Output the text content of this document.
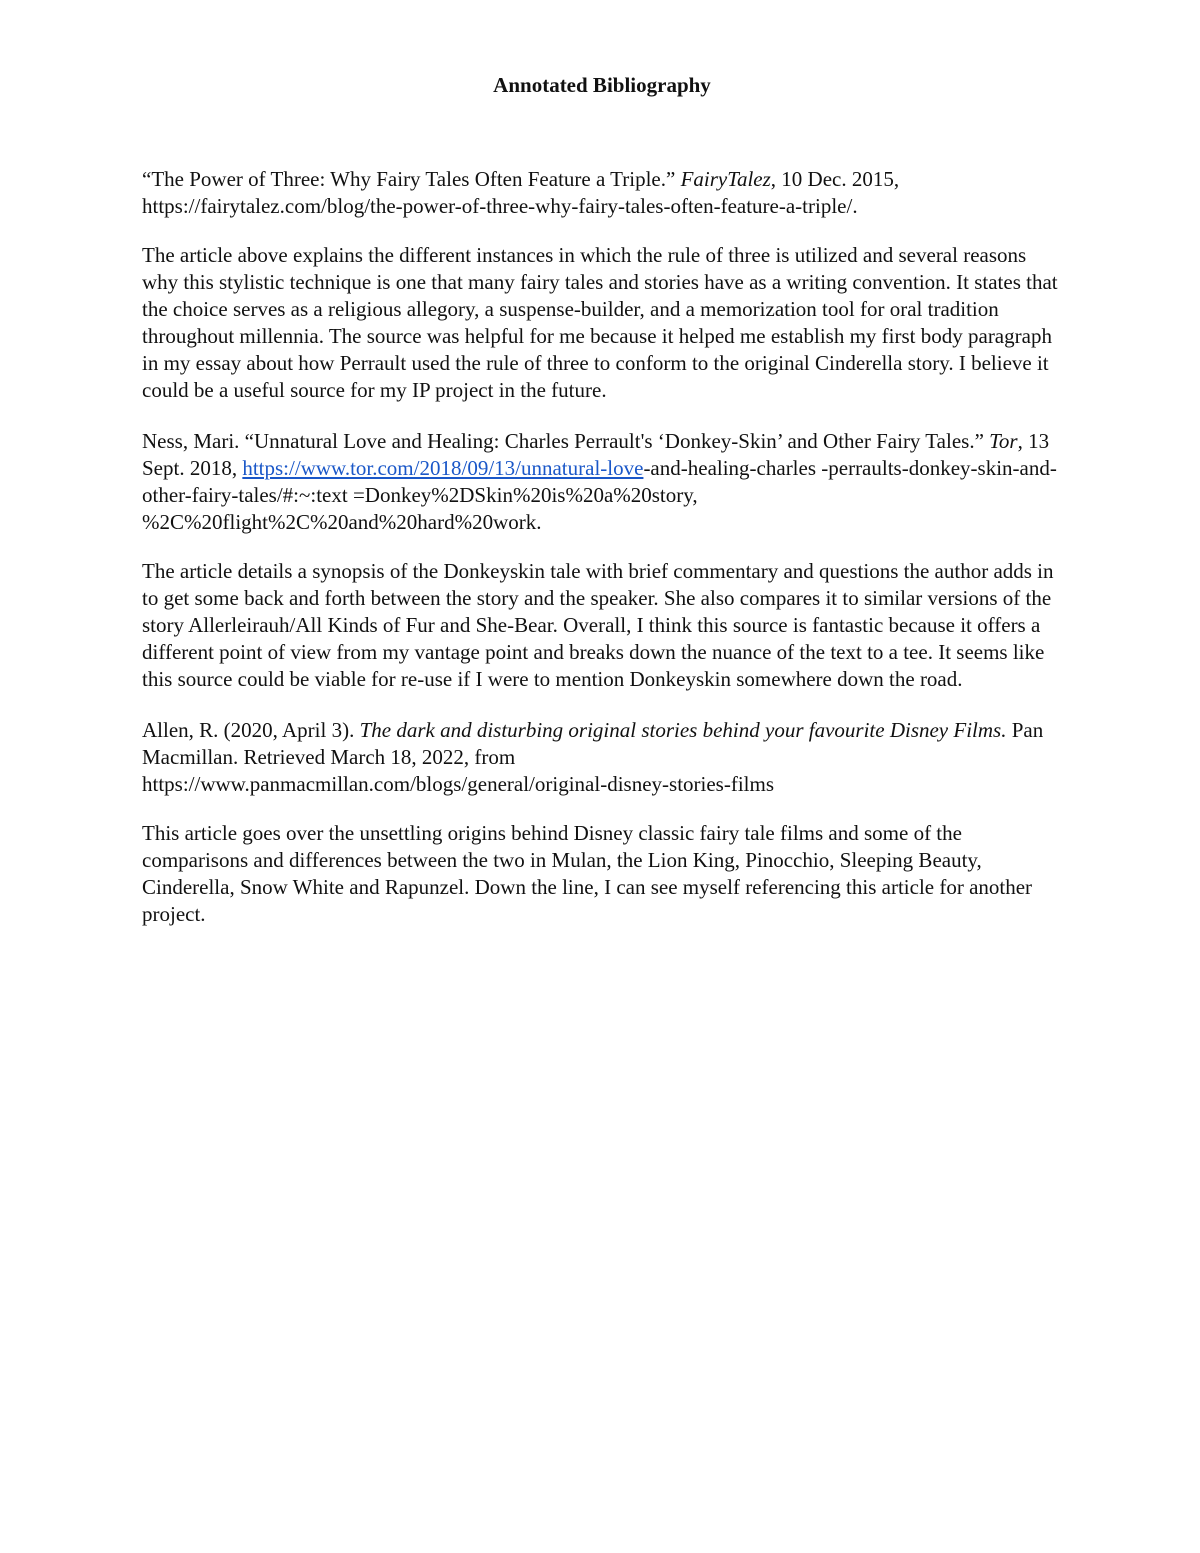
Annotated Bibliography
“The Power of Three: Why Fairy Tales Often Feature a Triple.” FairyTalez, 10 Dec. 2015,
https://fairytalez.com/blog/the-power-of-three-why-fairy-tales-often-feature-a-triple/.
The article above explains the different instances in which the rule of three is utilized and several reasons why this stylistic technique is one that many fairy tales and stories have as a writing convention. It states that the choice serves as a religious allegory, a suspense-builder, and a memorization tool for oral tradition throughout millennia. The source was helpful for me because it helped me establish my first body paragraph in my essay about how Perrault used the rule of three to conform to the original Cinderella story. I believe it could be a useful source for my IP project in the future.
Ness, Mari. “Unnatural Love and Healing: Charles Perrault's ‘Donkey-Skin’ and Other Fairy Tales.” Tor, 13 Sept. 2018, https://www.tor.com/2018/09/13/unnatural-love-and-healing-charles -perraults-donkey-skin-and-other-fairy-tales/#:~:text =Donkey%2DSkin%20is%20a%20story, %2C%20flight%2C%20and%20hard%20work.
The article details a synopsis of the Donkeyskin tale with brief commentary and questions the author adds in to get some back and forth between the story and the speaker. She also compares it to similar versions of the story Allerleirauh/All Kinds of Fur and She-Bear. Overall, I think this source is fantastic because it offers a different point of view from my vantage point and breaks down the nuance of the text to a tee. It seems like this source could be viable for re-use if I were to mention Donkeyskin somewhere down the road.
Allen, R. (2020, April 3). The dark and disturbing original stories behind your favourite Disney Films. Pan Macmillan. Retrieved March 18, 2022, from
https://www.panmacmillan.com/blogs/general/original-disney-stories-films
This article goes over the unsettling origins behind Disney classic fairy tale films and some of the comparisons and differences between the two in Mulan, the Lion King, Pinocchio, Sleeping Beauty, Cinderella, Snow White and Rapunzel. Down the line, I can see myself referencing this article for another project.
